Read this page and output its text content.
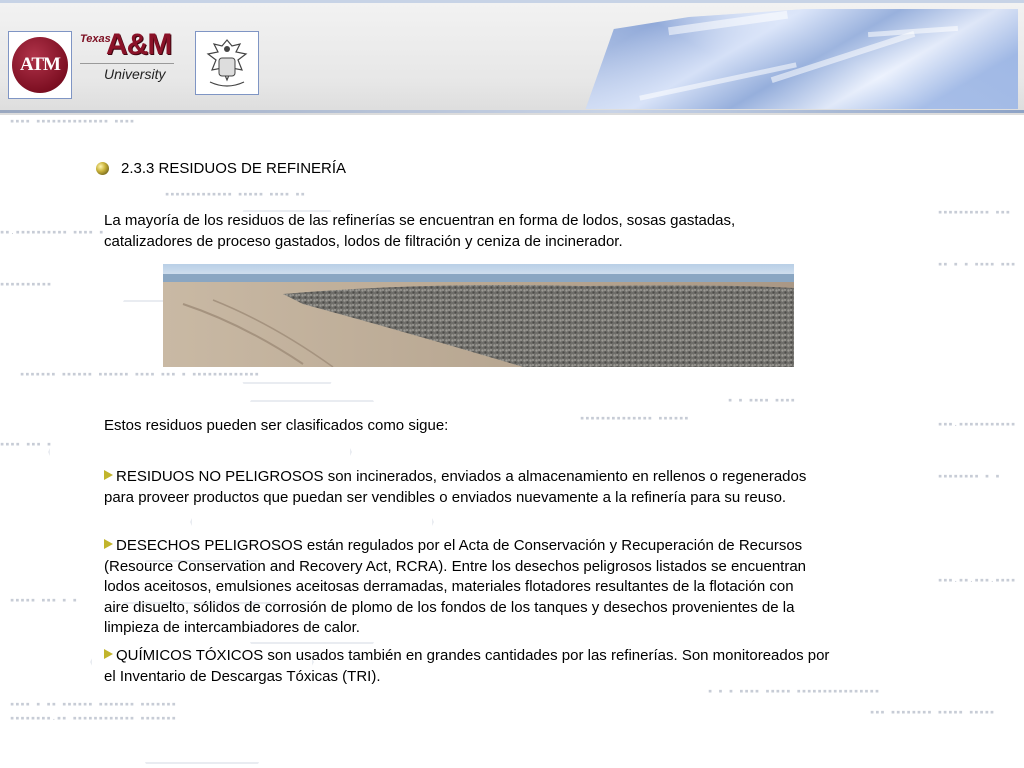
▪▪▪▪ ▪▪▪▪▪▪▪▪▪▪▪▪▪▪ ▪▪▪▪
▪▪▪▪▪▪▪▪▪▪▪▪▪ ▪▪▪▪▪ ▪▪▪▪ ▪▪
▪▪.▪▪▪▪▪▪▪▪▪▪ ▪▪▪▪ ▪
▪▪▪▪▪▪▪▪▪▪ ▪▪▪
▪▪ ▪ ▪ ▪▪▪▪ ▪▪▪
▪▪▪▪▪▪▪▪▪▪
▪▪▪▪▪▪▪ ▪▪▪▪▪▪ ▪▪▪▪▪▪ ▪▪▪▪ ▪▪▪ ▪ ▪▪▪▪▪▪▪▪▪▪▪▪▪
▪ ▪ ▪▪▪▪ ▪▪▪▪
▪▪▪▪▪▪▪▪▪▪▪▪▪▪ ▪▪▪▪▪▪
▪▪▪.▪▪▪▪▪▪▪▪▪▪▪
▪▪▪▪ ▪▪▪ ▪
▪▪▪▪▪▪▪▪ ▪ ▪
▪▪▪.▪▪.▪▪▪.▪▪▪▪
▪▪▪▪▪ ▪▪▪ ▪ ▪
▪ ▪ ▪ ▪▪▪▪ ▪▪▪▪▪ ▪▪▪▪▪▪▪▪▪▪▪▪▪▪▪▪
▪▪▪▪ ▪ ▪▪ ▪▪▪▪▪▪ ▪▪▪▪▪▪▪ ▪▪▪▪▪▪▪
▪▪▪▪▪▪▪▪.▪▪ ▪▪▪▪▪▪▪▪▪▪▪▪ ▪▪▪▪▪▪▪
▪▪▪ ▪▪▪▪▪▪▪▪ ▪▪▪▪▪ ▪▪▪▪▪
ATM
Texas
A&M
University
2.3.3 RESIDUOS DE REFINERÍA
La mayoría de los residuos de las refinerías se encuentran en forma de lodos, sosas gastadas,
catalizadores de proceso gastados, lodos de filtración y ceniza de incinerador.
Estos residuos pueden ser clasificados como sigue:
RESIDUOS NO PELIGROSOS son incinerados, enviados a almacenamiento en rellenos o regenerados
para proveer productos que puedan ser vendibles o enviados nuevamente a la refinería para su reuso.
DESECHOS PELIGROSOS están regulados por el Acta de Conservación y Recuperación de Recursos
(Resource Conservation and Recovery Act, RCRA). Entre los desechos peligrosos listados se encuentran
lodos aceitosos, emulsiones aceitosas derramadas, materiales flotadores resultantes de la flotación con
aire disuelto, sólidos de corrosión de plomo de los fondos de los tanques y desechos provenientes de la
limpieza de intercambiadores de calor.
QUÍMICOS TÓXICOS son usados también en grandes cantidades por las refinerías. Son monitoreados por
el Inventario de Descargas Tóxicas (TRI).
